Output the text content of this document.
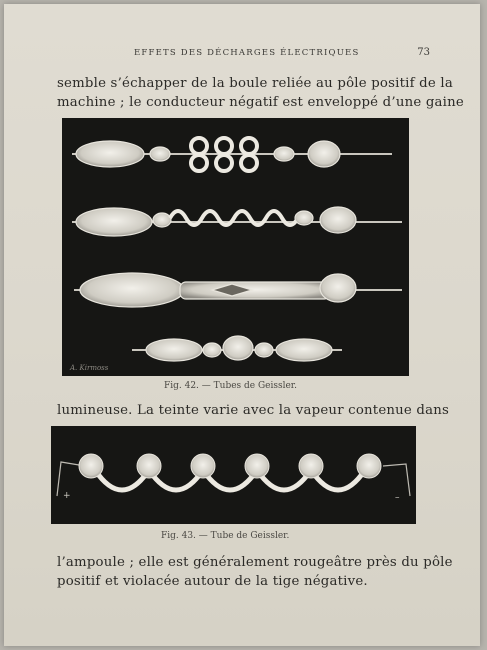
EFFETS DES DÉCHARGES ÉLECTRIQUES	73
semble s’échapper de la boule reliée au pôle positif de la
machine ; le conducteur négatif est enveloppé d’une gaine
A. Kirmoss
Fig. 42. — Tubes de Geissler.
lumineuse. La teinte varie avec la vapeur contenue dans
+	–
Fig. 43. — Tube de Geissler.
l’ampoule ; elle est généralement rougeâtre près du pôle
positif et violacée autour de la tige négative.
